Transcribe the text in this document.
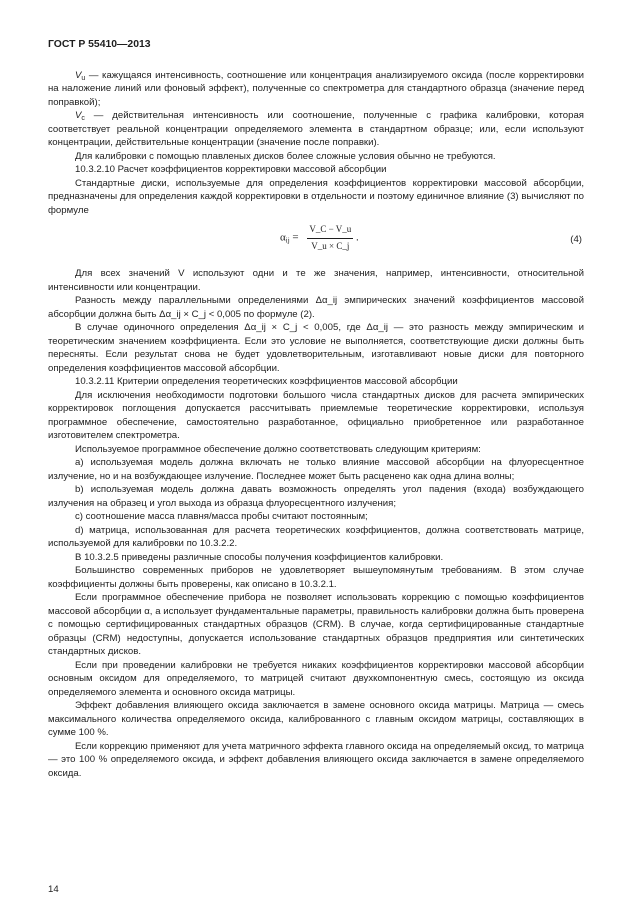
ГОСТ Р 55410—2013

$V_u$ — кажущаяся интенсивность, соотношение или концентрация анализируемого оксида (после корректировки на наложение линий или фоновый эффект), полученные со спектрометра для стандартного образца (значение перед поправкой);

$V_c$ — действительная интенсивность или соотношение, полученные с графика калибровки, которая соответствует реальной концентрации определяемого элемента в стандартном образце; или, если используют концентрации, действительные концентрации (значение после поправки).

Для калибровки с помощью плавленых дисков более сложные условия обычно не требуются.

10.3.2.10 Расчет коэффициентов корректировки массовой абсорбции

Стандартные диски, используемые для определения коэффициентов корректировки массовой абсорбции, предназначены для определения каждой корректировки в отдельности и поэтому единичное влияние (3) вычисляют по формуле

$\alpha_{ij} = \frac{V\_C - V\_u}{V\_u \times C\_j}$ .	(4)

Для всех значений V используют одни и те же значения, например, интенсивности, относительной интенсивности или концентрации.

Разность между параллельными определениями Δα_ij эмпирических значений коэффициентов массовой абсорбции должна быть Δα_ij × C_j < 0,005 по формуле (2).

В случае одиночного определения Δα_ij × C_j < 0,005, где Δα_ij — это разность между эмпирическим и теоретическим значением коэффициента. Если это условие не выполняется, соответствующие диски должны быть пересняты. Если результат снова не будет удовлетворительным, изготавливают новые диски для повторного определения коэффициентов массовой абсорбции.

10.3.2.11 Критерии определения теоретических коэффициентов массовой абсорбции

Для исключения необходимости подготовки большого числа стандартных дисков для расчета эмпирических корректировок поглощения допускается рассчитывать приемлемые теоретические корректировки, используя программное обеспечение, самостоятельно разработанное, официально приобретенное или разработанное изготовителем спектрометра.

Используемое программное обеспечение должно соответствовать следующим критериям:

a) используемая модель должна включать не только влияние массовой абсорбции на флуоресцентное излучение, но и на возбуждающее излучение. Последнее может быть расценено как одна длина волны;

b) используемая модель должна давать возможность определять угол падения (входа) возбуждающего излучения на образец и угол выхода из образца флуоресцентного излучения;

c) соотношение масса плавня/масса пробы считают постоянным;

d) матрица, использованная для расчета теоретических коэффициентов, должна соответствовать матрице, используемой для калибровки по 10.3.2.2.

В 10.3.2.5 приведены различные способы получения коэффициентов калибровки.

Большинство современных приборов не удовлетворяет вышеупомянутым требованиям. В этом случае коэффициенты должны быть проверены, как описано в 10.3.2.1.

Если программное обеспечение прибора не позволяет использовать коррекцию с помощью коэффициентов массовой абсорбции α, а использует фундаментальные параметры, правильность калибровки должна быть проверена с помощью сертифицированных стандартных образцов (CRM). В случае, когда сертифицированные стандартные образцы (CRM) недоступны, допускается использование стандартных образцов предприятия или синтетических стандартных дисков.

Если при проведении калибровки не требуется никаких коэффициентов корректировки массовой абсорбции основным оксидом для определяемого, то матрицей считают двухкомпонентную смесь, состоящую из оксида определяемого элемента и основного оксида матрицы.

Эффект добавления влияющего оксида заключается в замене основного оксида матрицы. Матрица — смесь максимального количества определяемого оксида, калиброванного с главным оксидом матрицы, составляющих в сумме 100 %.

Если коррекцию применяют для учета матричного эффекта главного оксида на определяемый оксид, то матрица — это 100 % определяемого оксида, и эффект добавления влияющего оксида заключается в замене определяемого оксида.

14
